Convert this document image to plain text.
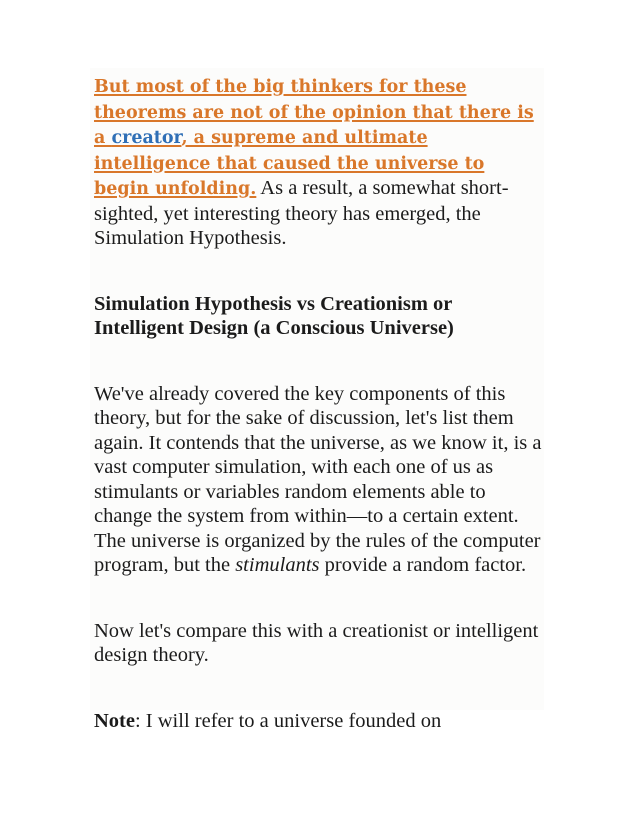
But most of the big thinkers for these theorems are not of the opinion that there is a creator, a supreme and ultimate intelligence that caused the universe to begin unfolding. As a result, a somewhat short-sighted, yet interesting theory has emerged, the Simulation Hypothesis.

Simulation Hypothesis vs Creationism or Intelligent Design (a Conscious Universe)

We've already covered the key components of this theory, but for the sake of discussion, let's list them again. It contends that the universe, as we know it, is a vast computer simulation, with each one of us as stimulants or variables random elements able to change the system from within—to a certain extent. The universe is organized by the rules of the computer program, but the stimulants provide a random factor.

Now let's compare this with a creationist or intelligent design theory.

Note: I will refer to a universe founded on
